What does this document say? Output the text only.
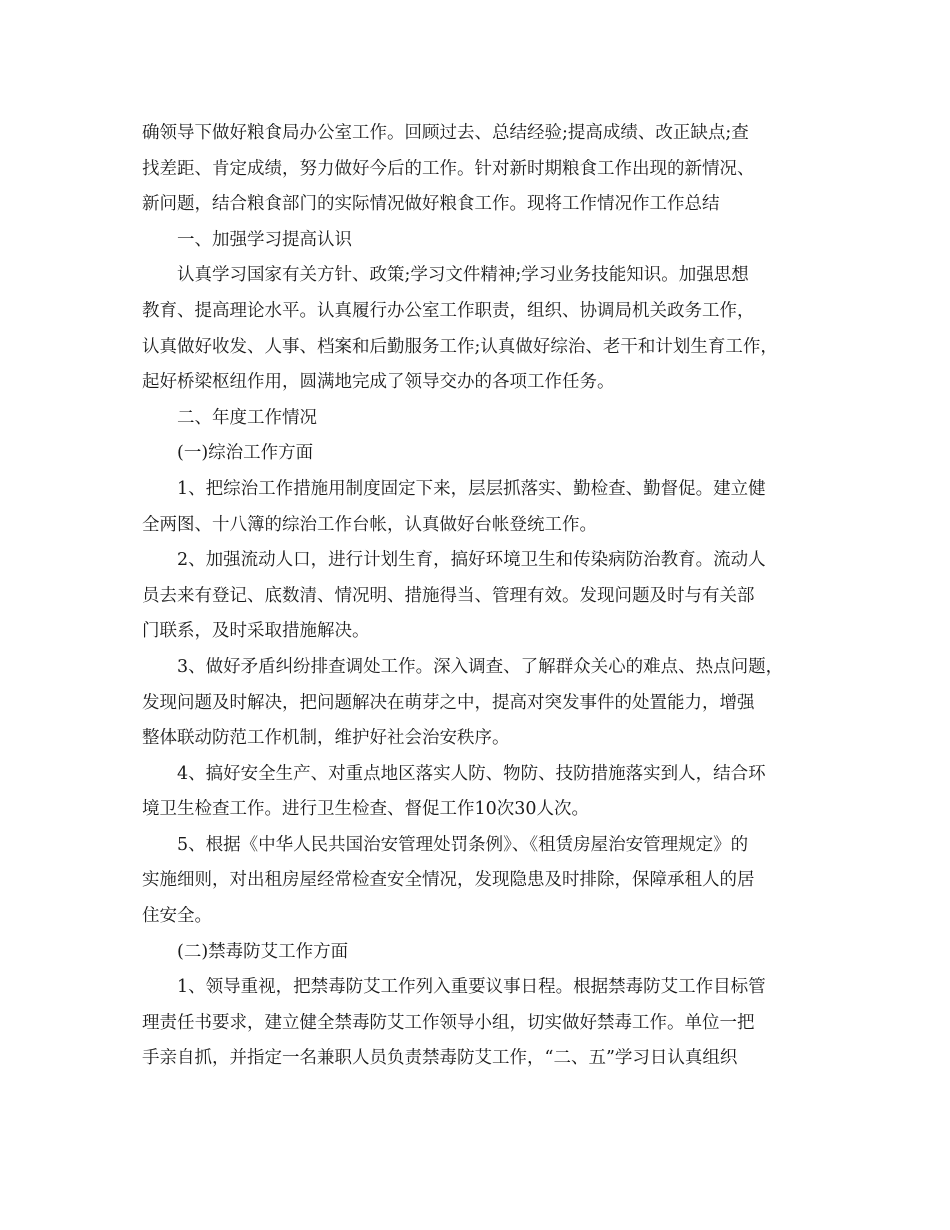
确领导下做好粮食局办公室工作。回顾过去、总结经验;提高成绩、改正缺点;查
找差距、肯定成绩，努力做好今后的工作。针对新时期粮食工作出现的新情况、
新问题，结合粮食部门的实际情况做好粮食工作。现将工作情况作工作总结
一、加强学习提高认识
认真学习国家有关方针、政策;学习文件精神;学习业务技能知识。加强思想
教育、提高理论水平。认真履行办公室工作职责，组织、协调局机关政务工作，
认真做好收发、人事、档案和后勤服务工作;认真做好综治、老干和计划生育工作，
起好桥梁枢纽作用，圆满地完成了领导交办的各项工作任务。
二、年度工作情况
(一)综治工作方面
1、把综治工作措施用制度固定下来，层层抓落实、勤检查、勤督促。建立健
全两图、十八簿的综治工作台帐，认真做好台帐登统工作。
2、加强流动人口，进行计划生育，搞好环境卫生和传染病防治教育。流动人
员去来有登记、底数清、情况明、措施得当、管理有效。发现问题及时与有关部
门联系，及时采取措施解决。
3、做好矛盾纠纷排查调处工作。深入调查、了解群众关心的难点、热点问题，
发现问题及时解决，把问题解决在萌芽之中，提高对突发事件的处置能力，增强
整体联动防范工作机制，维护好社会治安秩序。
4、搞好安全生产、对重点地区落实人防、物防、技防措施落实到人，结合环
境卫生检查工作。进行卫生检查、督促工作10次30人次。
5、根据《中华人民共国治安管理处罚条例》、《租赁房屋治安管理规定》的
实施细则，对出租房屋经常检查安全情况，发现隐患及时排除，保障承租人的居
住安全。
(二)禁毒防艾工作方面
1、领导重视，把禁毒防艾工作列入重要议事日程。根据禁毒防艾工作目标管
理责任书要求，建立健全禁毒防艾工作领导小组，切实做好禁毒工作。单位一把
手亲自抓，并指定一名兼职人员负责禁毒防艾工作，“二、五”学习日认真组织
